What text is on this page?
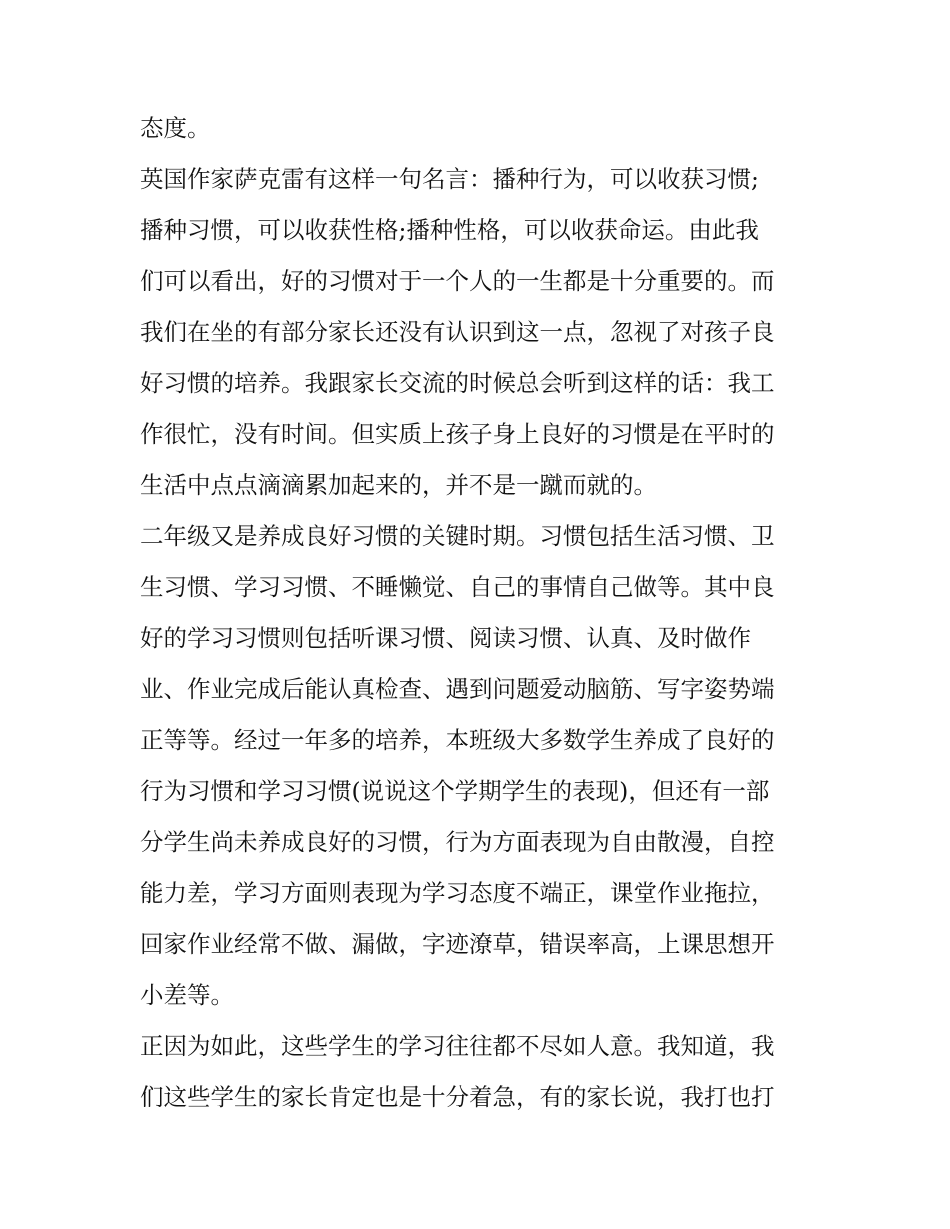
态度。
英国作家萨克雷有这样一句名言：播种行为，可以收获习惯;
播种习惯，可以收获性格;播种性格，可以收获命运。由此我
们可以看出，好的习惯对于一个人的一生都是十分重要的。而
我们在坐的有部分家长还没有认识到这一点，忽视了对孩子良
好习惯的培养。我跟家长交流的时候总会听到这样的话：我工
作很忙，没有时间。但实质上孩子身上良好的习惯是在平时的
生活中点点滴滴累加起来的，并不是一蹴而就的。
二年级又是养成良好习惯的关键时期。习惯包括生活习惯、卫
生习惯、学习习惯、不睡懒觉、自己的事情自己做等。其中良
好的学习习惯则包括听课习惯、阅读习惯、认真、及时做作
业、作业完成后能认真检查、遇到问题爱动脑筋、写字姿势端
正等等。经过一年多的培养，本班级大多数学生养成了良好的
行为习惯和学习习惯(说说这个学期学生的表现)，但还有一部
分学生尚未养成良好的习惯，行为方面表现为自由散漫，自控
能力差，学习方面则表现为学习态度不端正，课堂作业拖拉，
回家作业经常不做、漏做，字迹潦草，错误率高，上课思想开
小差等。
正因为如此，这些学生的学习往往都不尽如人意。我知道，我
们这些学生的家长肯定也是十分着急，有的家长说，我打也打
